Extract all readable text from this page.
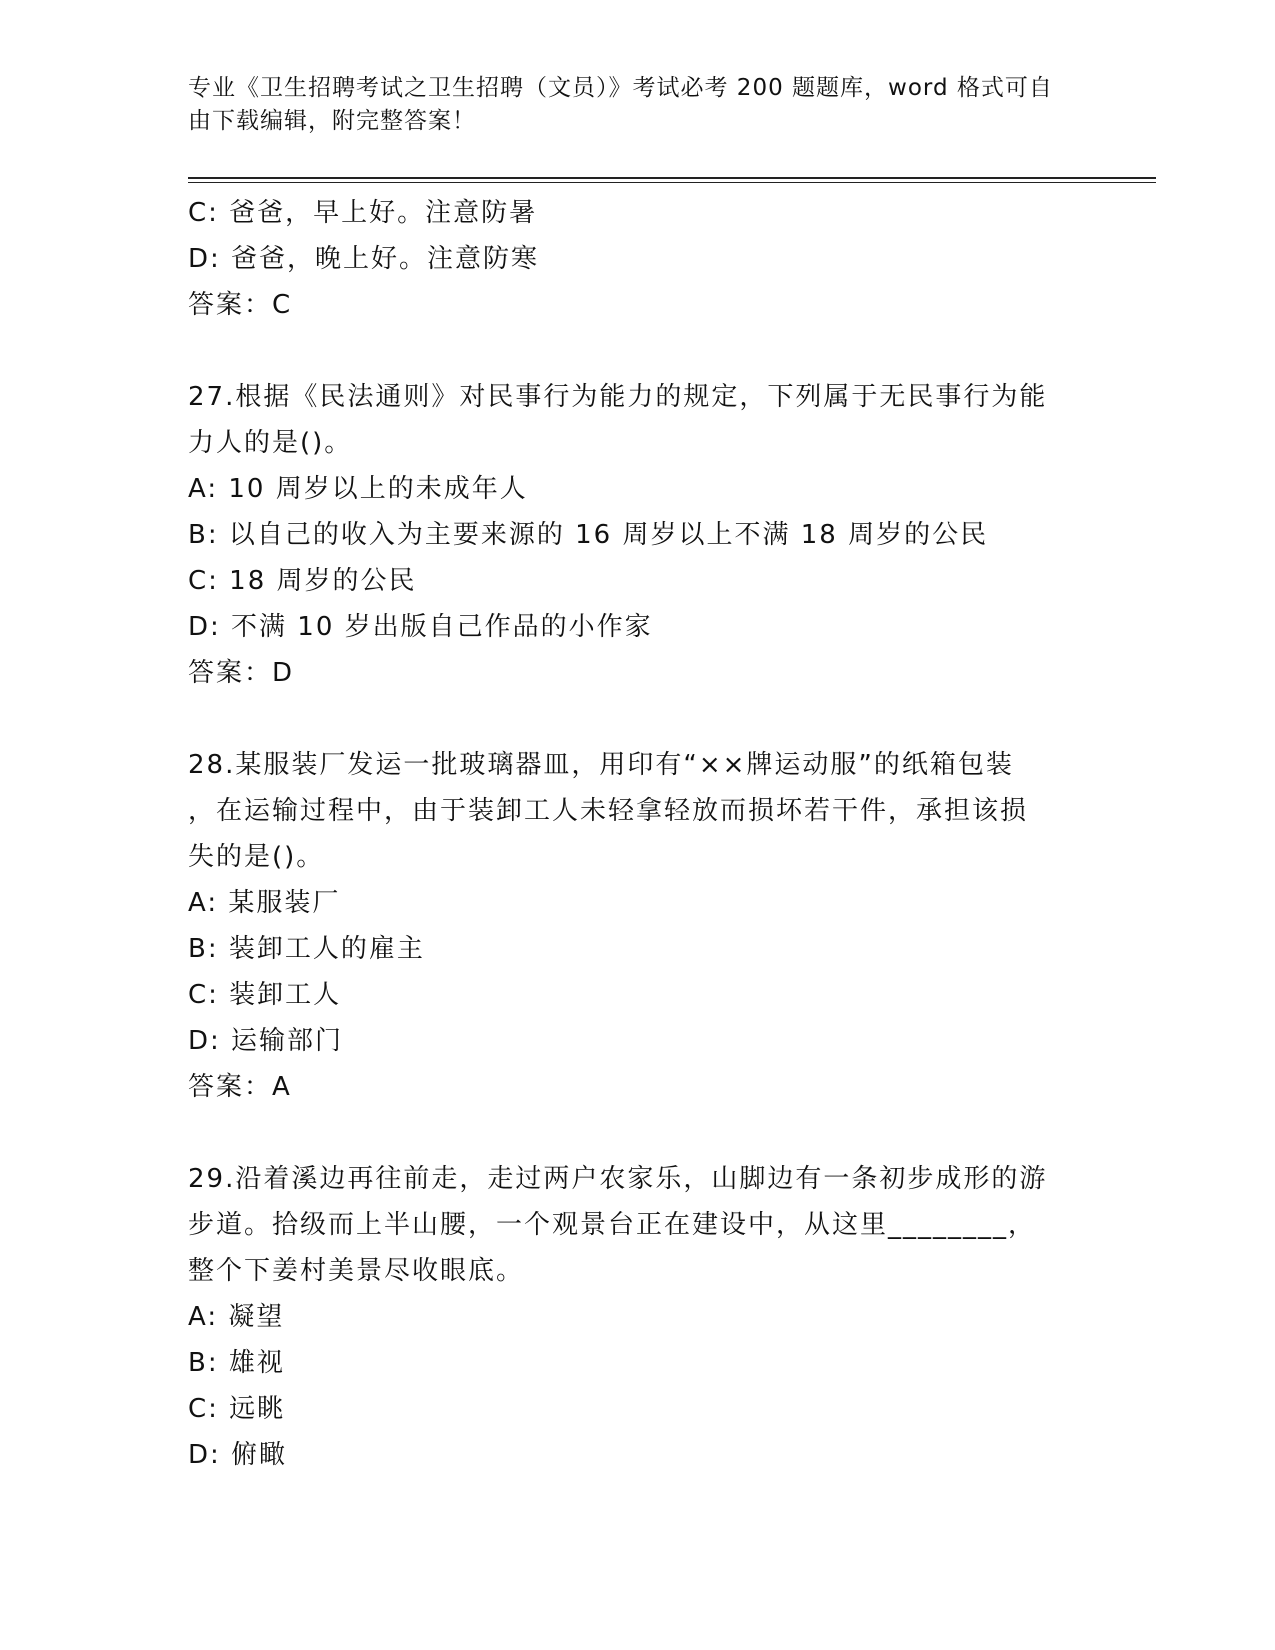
专业《卫生招聘考试之卫生招聘（文员）》考试必考 200 题题库，word 格式可自
由下载编辑，附完整答案！
C: 爸爸，早上好。注意防暑
D: 爸爸，晚上好。注意防寒
答案：C
27.根据《民法通则》对民事行为能力的规定，下列属于无民事行为能
力人的是()。
A: 10 周岁以上的未成年人
B: 以自己的收入为主要来源的 16 周岁以上不满 18 周岁的公民
C: 18 周岁的公民
D: 不满 10 岁出版自己作品的小作家
答案：D
28.某服装厂发运一批玻璃器皿，用印有“××牌运动服”的纸箱包装
，在运输过程中，由于装卸工人未轻拿轻放而损坏若干件，承担该损
失的是()。
A: 某服装厂
B: 装卸工人的雇主
C: 装卸工人
D: 运输部门
答案：A
29.沿着溪边再往前走，走过两户农家乐，山脚边有一条初步成形的游
步道。拾级而上半山腰，一个观景台正在建设中，从这里________，
整个下姜村美景尽收眼底。
A: 凝望
B: 雄视
C: 远眺
D: 俯瞰
